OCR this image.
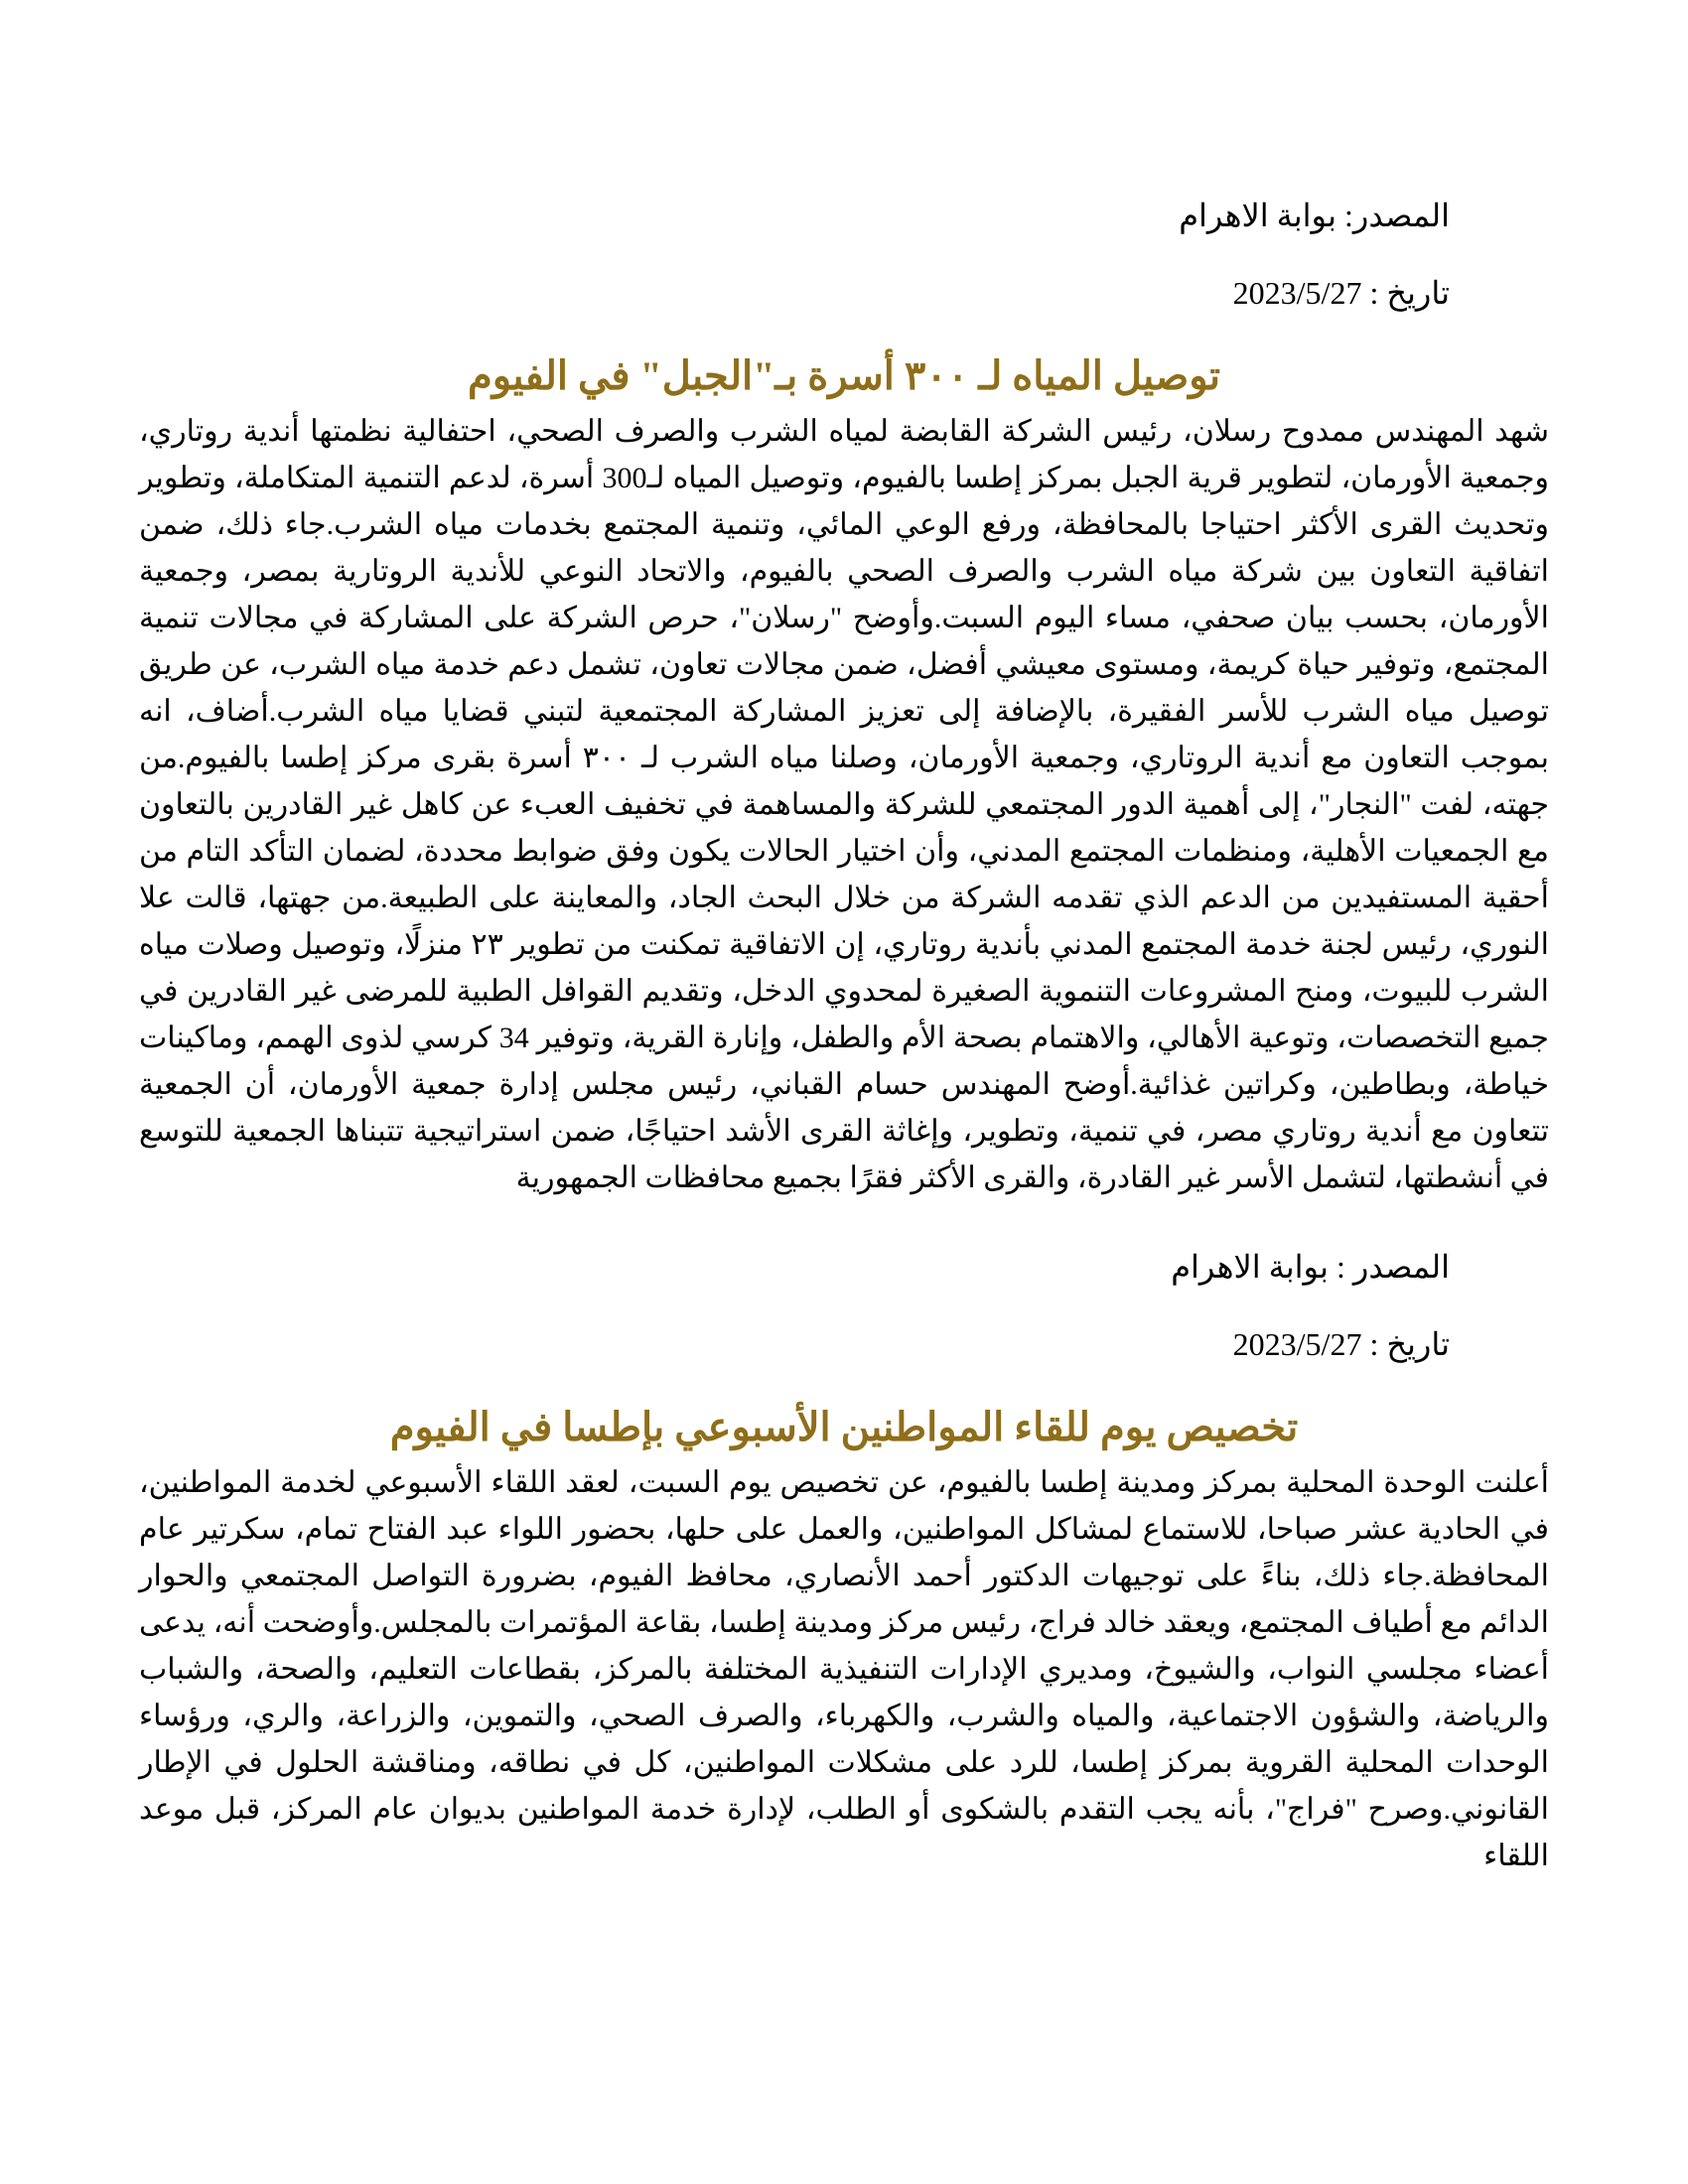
المصدر: بوابة الاهرام

تاريخ : 2023/5/27

توصيل المياه لـ ٣٠٠ أسرة بـ"الجبل" في الفيوم

شهد المهندس ممدوح رسلان، رئيس الشركة القابضة لمياه الشرب والصرف الصحي، احتفالية نظمتها أندية روتاري، وجمعية الأورمان، لتطوير قرية الجبل بمركز إطسا بالفيوم، وتوصيل المياه لـ300 أسرة، لدعم التنمية المتكاملة، وتطوير وتحديث القرى الأكثر احتياجا بالمحافظة، ورفع الوعي المائي، وتنمية المجتمع بخدمات مياه الشرب.جاء ذلك، ضمن اتفاقية التعاون بين شركة مياه الشرب والصرف الصحي بالفيوم، والاتحاد النوعي للأندية الروتارية بمصر، وجمعية الأورمان، بحسب بيان صحفي، مساء اليوم السبت.وأوضح "رسلان"، حرص الشركة على المشاركة في مجالات تنمية المجتمع، وتوفير حياة كريمة، ومستوى معيشي أفضل، ضمن مجالات تعاون، تشمل دعم خدمة مياه الشرب، عن طريق توصيل مياه الشرب للأسر الفقيرة، بالإضافة إلى تعزيز المشاركة المجتمعية لتبني قضايا مياه الشرب.أضاف، انه بموجب التعاون مع أندية الروتاري، وجمعية الأورمان، وصلنا مياه الشرب لـ ٣٠٠ أسرة بقرى مركز إطسا بالفيوم.من جهته، لفت "النجار"، إلى أهمية الدور المجتمعي للشركة والمساهمة في تخفيف العبء عن كاهل غير القادرين بالتعاون مع الجمعيات الأهلية، ومنظمات المجتمع المدني، وأن اختيار الحالات يكون وفق ضوابط محددة، لضمان التأكد التام من أحقية المستفيدين من الدعم الذي تقدمه الشركة من خلال البحث الجاد، والمعاينة على الطبيعة.من جهتها، قالت علا النوري، رئيس لجنة خدمة المجتمع المدني بأندية روتاري، إن الاتفاقية تمكنت من تطوير ٢٣ منزلًا، وتوصيل وصلات مياه الشرب للبيوت، ومنح المشروعات التنموية الصغيرة لمحدوي الدخل، وتقديم القوافل الطبية للمرضى غير القادرين في جميع التخصصات، وتوعية الأهالي، والاهتمام بصحة الأم والطفل، وإنارة القرية، وتوفير 34 كرسي لذوى الهمم، وماكينات خياطة، وبطاطين، وكراتين غذائية.أوضح المهندس حسام القباني، رئيس مجلس إدارة جمعية الأورمان، أن الجمعية تتعاون مع أندية روتاري مصر، في تنمية، وتطوير، وإغاثة القرى الأشد احتياجًا، ضمن استراتيجية تتبناها الجمعية للتوسع في أنشطتها، لتشمل الأسر غير القادرة، والقرى الأكثر فقرًا بجميع محافظات الجمهورية

المصدر : بوابة الاهرام

تاريخ : 2023/5/27

تخصيص يوم للقاء المواطنين الأسبوعي بإطسا في الفيوم

أعلنت الوحدة المحلية بمركز ومدينة إطسا بالفيوم، عن تخصيص يوم السبت، لعقد اللقاء الأسبوعي لخدمة المواطنين، في الحادية عشر صباحا، للاستماع لمشاكل المواطنين، والعمل على حلها، بحضور اللواء عبد الفتاح تمام، سكرتير عام المحافظة.جاء ذلك، بناءً على توجيهات الدكتور أحمد الأنصاري، محافظ الفيوم، بضرورة التواصل المجتمعي والحوار الدائم مع أطياف المجتمع، ويعقد خالد فراج، رئيس مركز ومدينة إطسا، بقاعة المؤتمرات بالمجلس.وأوضحت أنه، يدعى أعضاء مجلسي النواب، والشيوخ، ومديري الإدارات التنفيذية المختلفة بالمركز، بقطاعات التعليم، والصحة، والشباب والرياضة، والشؤون الاجتماعية، والمياه والشرب، والكهرباء، والصرف الصحي، والتموين، والزراعة، والري، ورؤساء الوحدات المحلية القروية بمركز إطسا، للرد على مشكلات المواطنين، كل في نطاقه، ومناقشة الحلول في الإطار القانوني.وصرح "فراج"، بأنه يجب التقدم بالشكوى أو الطلب، لإدارة خدمة المواطنين بديوان عام المركز، قبل موعد اللقاء
